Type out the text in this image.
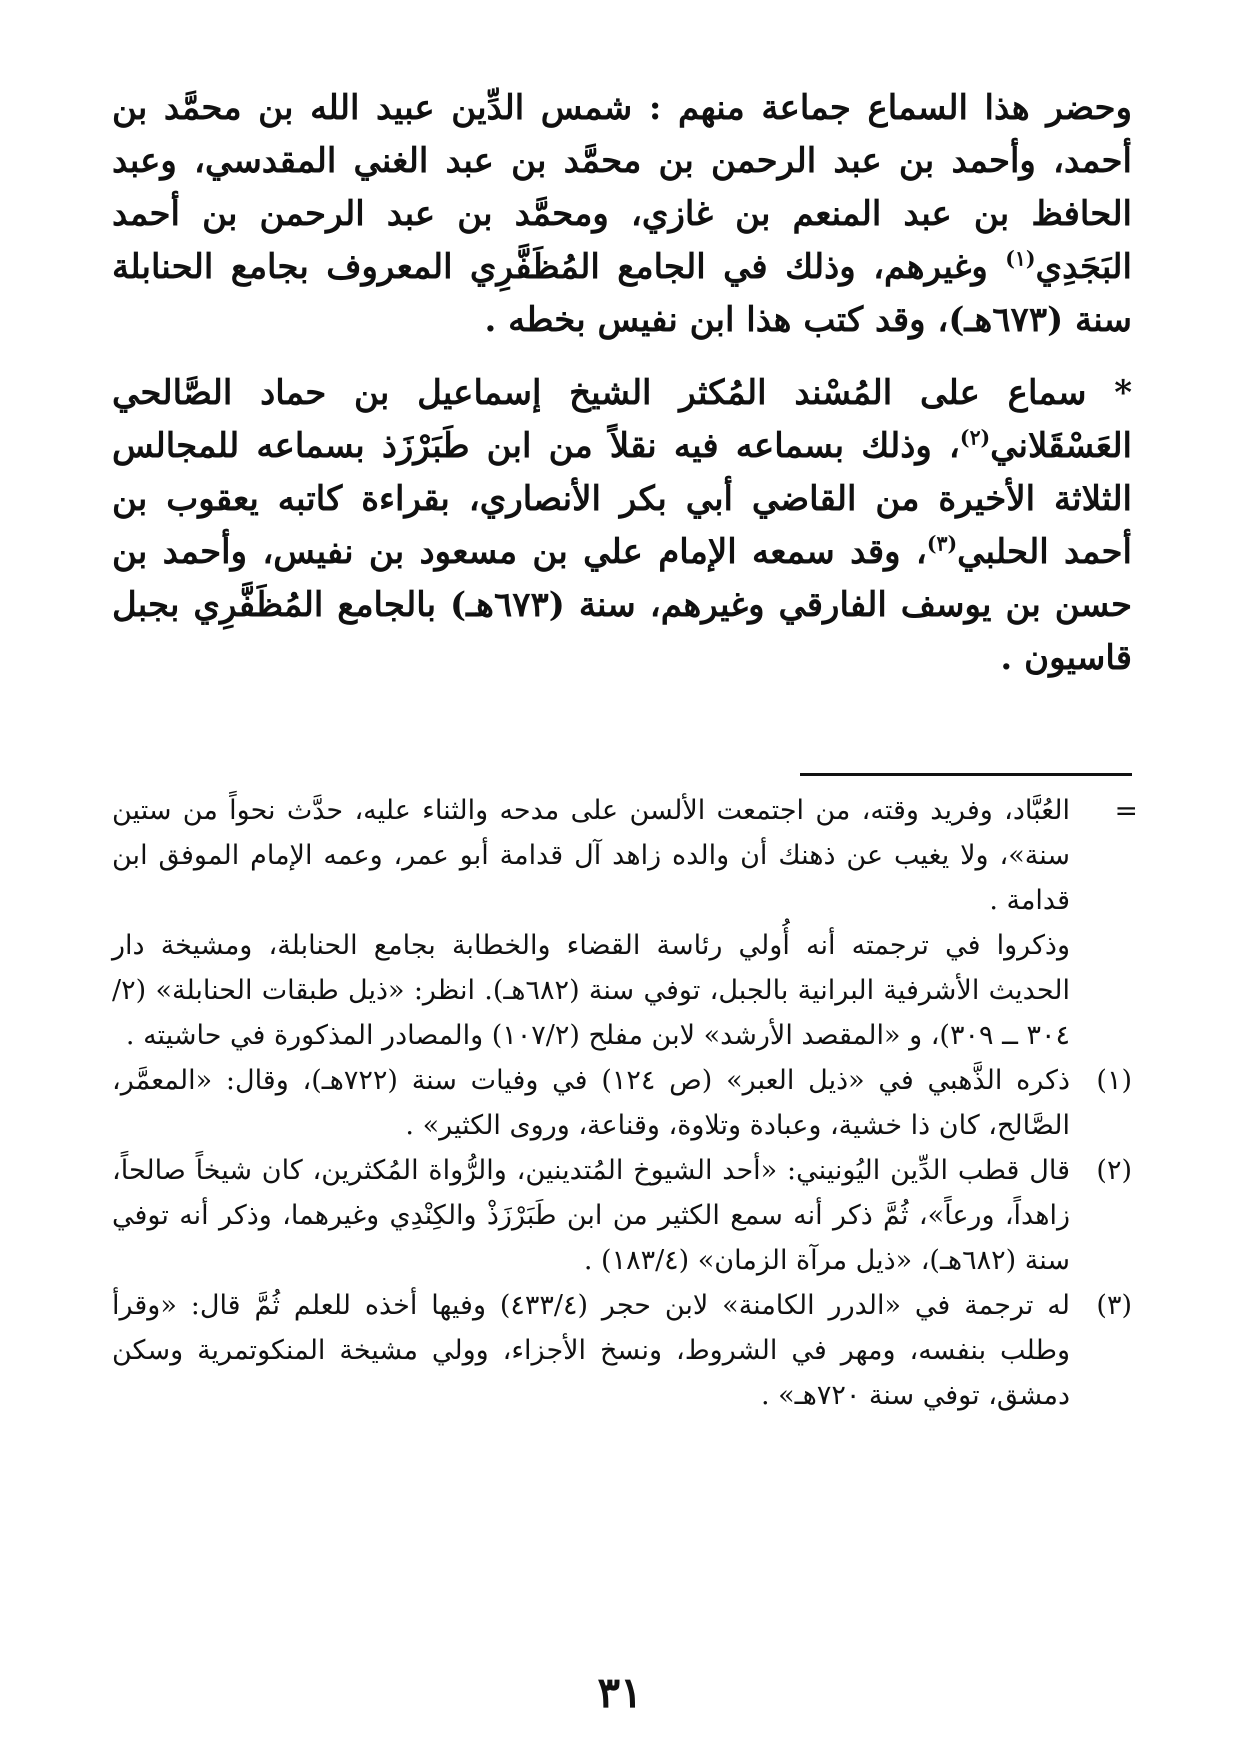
وحضر هذا السماع جماعة منهم : شمس الدِّين عبيد الله بن محمَّد بن أحمد، وأحمد بن عبد الرحمن بن محمَّد بن عبد الغني المقدسي، وعبد الحافظ بن عبد المنعم بن غازي، ومحمَّد بن عبد الرحمن بن أحمد البَجَدِي$^{(١)}$ وغيرهم، وذلك في الجامع المُظَفَّرِي المعروف بجامع الحنابلة سنة (٦٧٣هـ)، وقد كتب هذا ابن نفيس بخطه .

* سماع على المُسْند المُكثر الشيخ إسماعيل بن حماد الصَّالحي العَسْقَلاني$^{(٢)}$، وذلك بسماعه فيه نقلاً من ابن طَبَرْزَذ بسماعه للمجالس الثلاثة الأخيرة من القاضي أبي بكر الأنصاري، بقراءة كاتبه يعقوب بن أحمد الحلبي$^{(٣)}$، وقد سمعه الإمام علي بن مسعود بن نفيس، وأحمد بن حسن بن يوسف الفارقي وغيرهم، سنة (٦٧٣هـ) بالجامع المُظَفَّرِي بجبل قاسيون .

=

العُبَّاد، وفريد وقته، من اجتمعت الألسن على مدحه والثناء عليه، حدَّث نحواً من ستين سنة»، ولا يغيب عن ذهنك أن والده زاهد آل قدامة أبو عمر، وعمه الإمام الموفق ابن قدامة .

وذكروا في ترجمته أنه أُولي رئاسة القضاء والخطابة بجامع الحنابلة، ومشيخة دار الحديث الأشرفية البرانية بالجبل، توفي سنة (٦٨٢هـ). انظر: «ذيل طبقات الحنابلة» (٢/ ٣٠٤ ــ ٣٠٩)، و «المقصد الأرشد» لابن مفلح (١٠٧/٢) والمصادر المذكورة في حاشيته .

(١)

ذكره الذَّهبي في «ذيل العبر» (ص ١٢٤) في وفيات سنة (٧٢٢هـ)، وقال: «المعمَّر، الصَّالح، كان ذا خشية، وعبادة وتلاوة، وقناعة، وروى الكثير» .

(٢)

قال قطب الدِّين اليُونيني: «أحد الشيوخ المُتدينين، والرُّواة المُكثرين، كان شيخاً صالحاً، زاهداً، ورعاً»، ثُمَّ ذكر أنه سمع الكثير من ابن طَبَرْزَذْ والكِنْدِي وغيرهما، وذكر أنه توفي سنة (٦٨٢هـ)، «ذيل مرآة الزمان» (١٨٣/٤) .

(٣)

له ترجمة في «الدرر الكامنة» لابن حجر (٤٣٣/٤) وفيها أخذه للعلم ثُمَّ قال: «وقرأ وطلب بنفسه، ومهر في الشروط، ونسخ الأجزاء، وولي مشيخة المنكوتمرية وسكن دمشق، توفي سنة ٧٢٠هـ» .

٣١
